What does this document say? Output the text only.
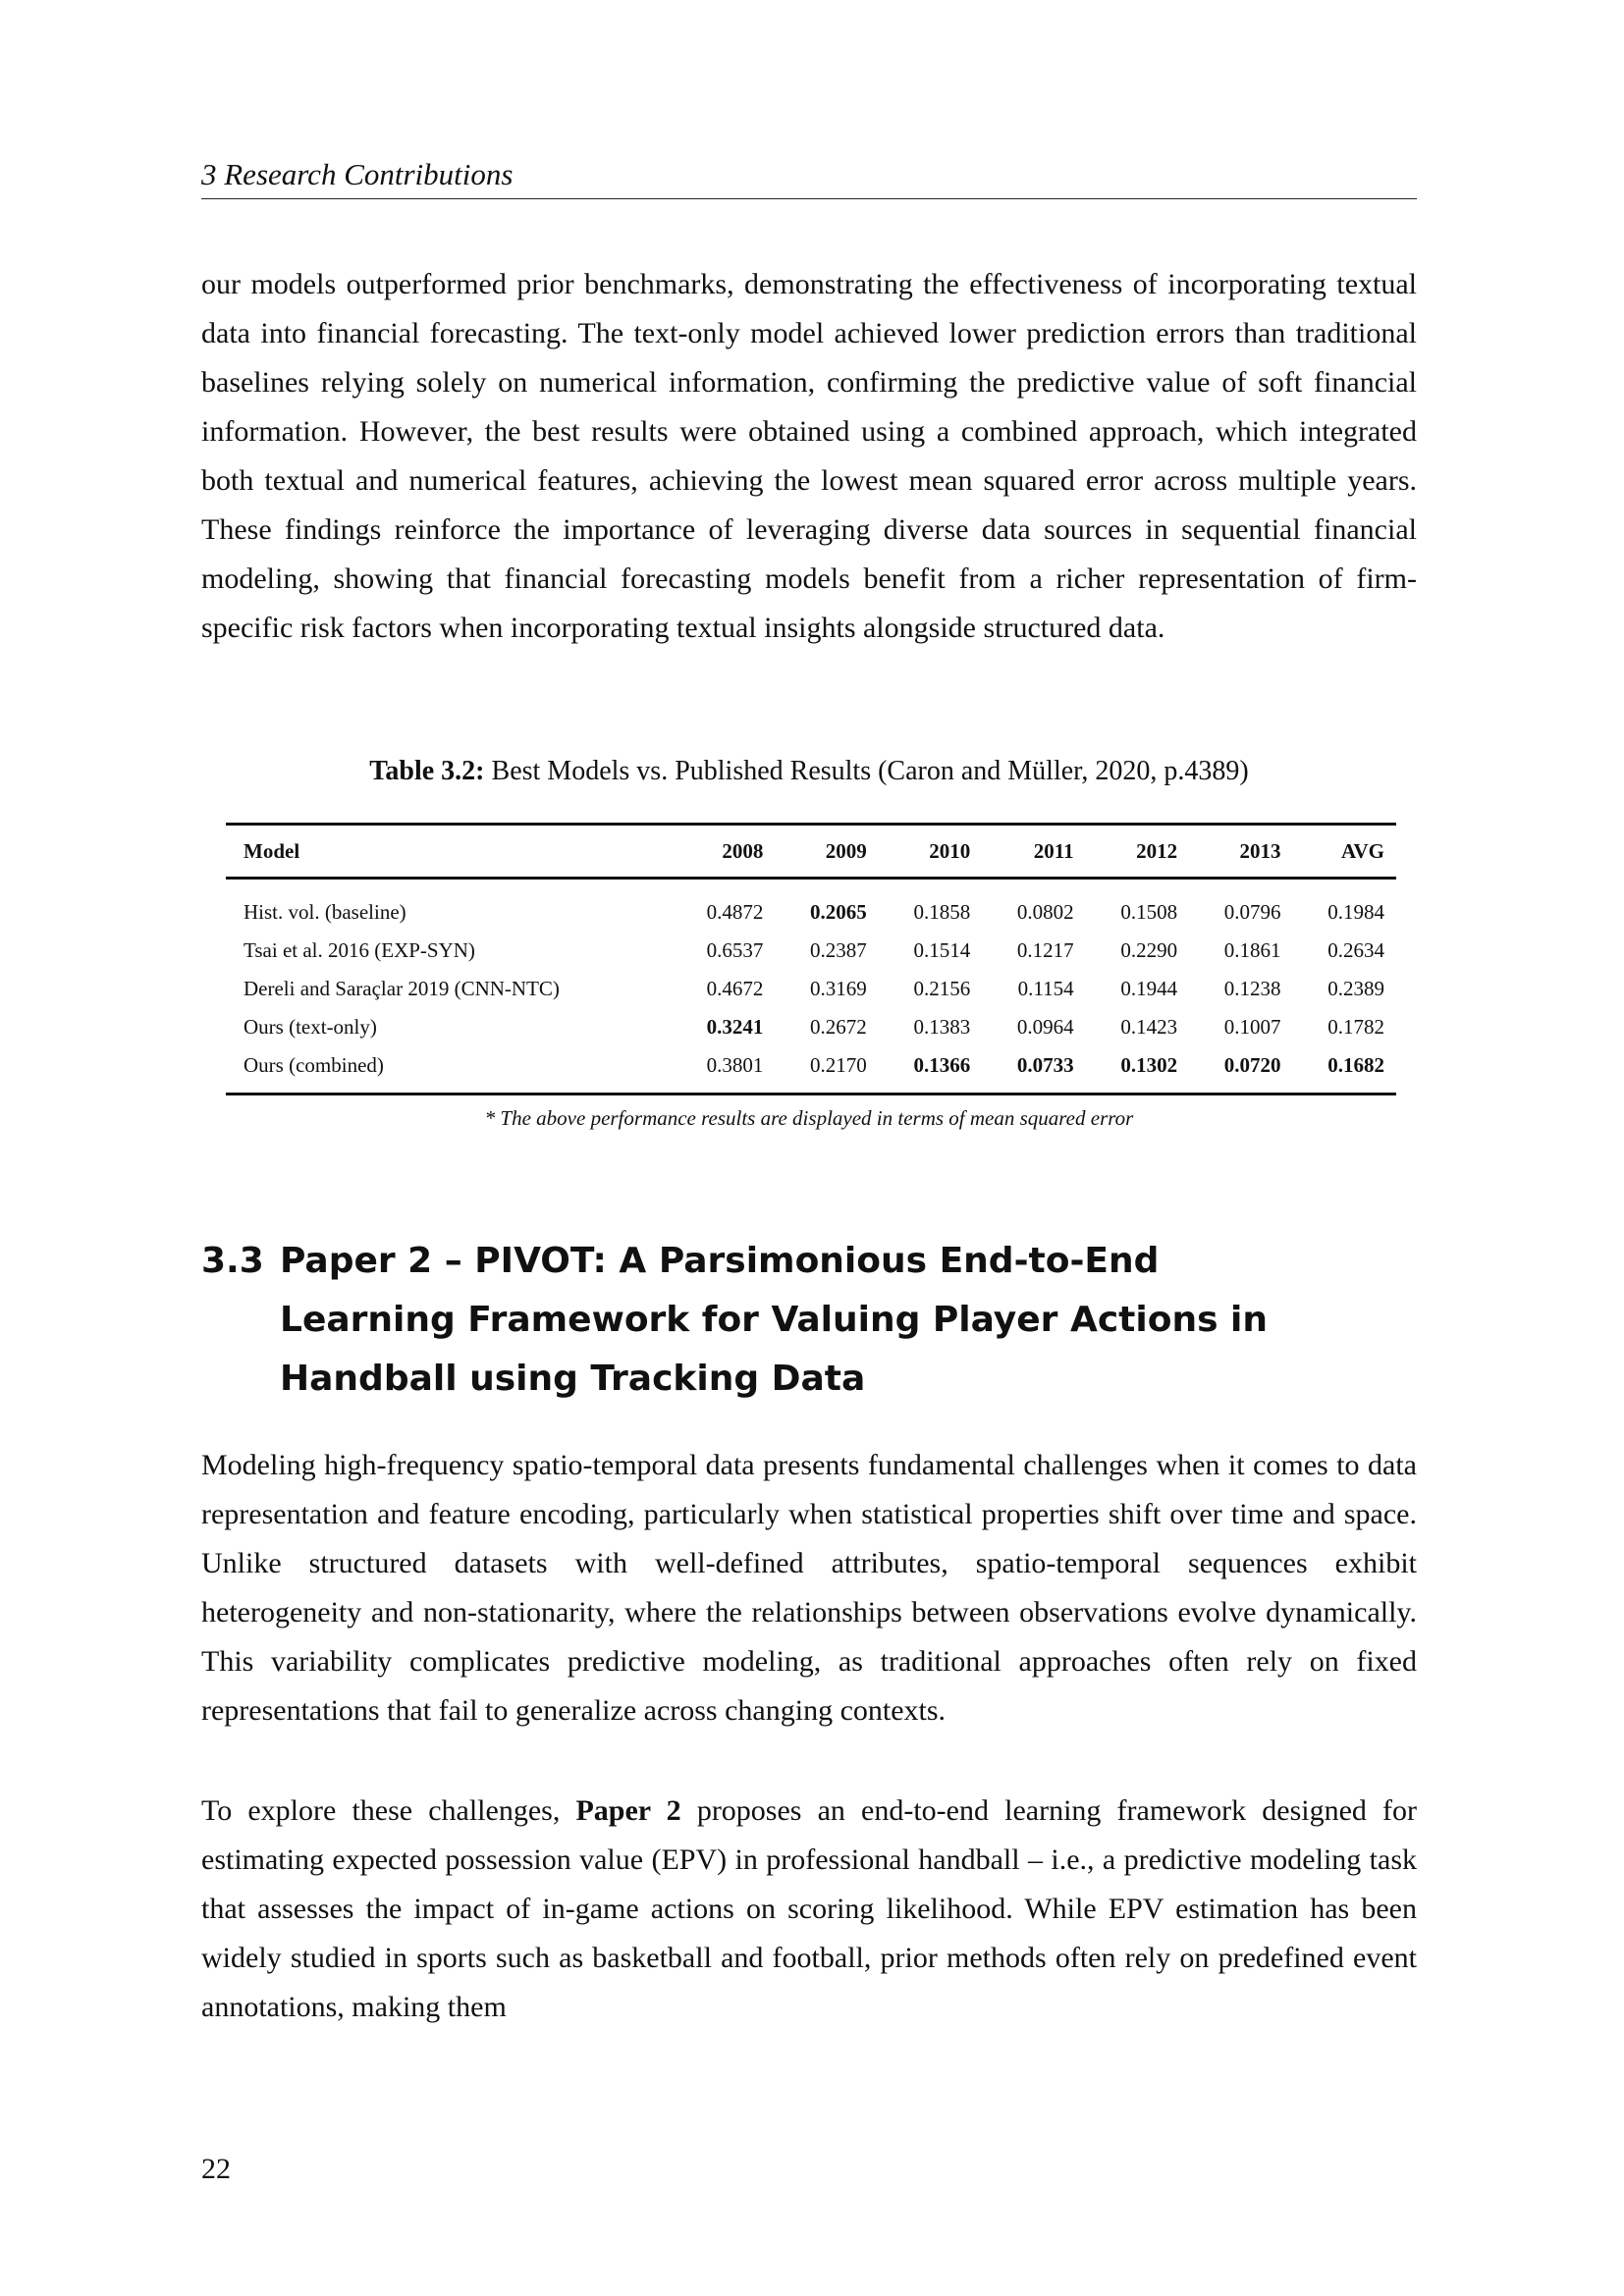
3 Research Contributions

our models outperformed prior benchmarks, demonstrating the effectiveness of incorporating textual data into financial forecasting. The text-only model achieved lower prediction errors than traditional baselines relying solely on numerical information, confirming the predictive value of soft financial information. However, the best results were obtained using a combined approach, which integrated both textual and numerical features, achieving the lowest mean squared error across multiple years. These findings reinforce the importance of leveraging diverse data sources in sequential financial modeling, showing that financial forecasting models benefit from a richer representation of firm-specific risk factors when incorporating textual insights alongside structured data.

Table 3.2: Best Models vs. Published Results (Caron and Müller, 2020, p.4389)
Model	2008	2009	2010	2011	2012	2013	AVG
Hist. vol. (baseline)	0.4872	0.2065	0.1858	0.0802	0.1508	0.0796	0.1984
Tsai et al. 2016 (EXP-SYN)	0.6537	0.2387	0.1514	0.1217	0.2290	0.1861	0.2634
Dereli and Saraçlar 2019 (CNN-NTC)	0.4672	0.3169	0.2156	0.1154	0.1944	0.1238	0.2389
Ours (text-only)	0.3241	0.2672	0.1383	0.0964	0.1423	0.1007	0.1782
Ours (combined)	0.3801	0.2170	0.1366	0.0733	0.1302	0.0720	0.1682
* The above performance results are displayed in terms of mean squared error
3.3 Paper 2 – PIVOT: A Parsimonious End-to-End Learning Framework for Valuing Player Actions in Handball using Tracking Data

Modeling high-frequency spatio-temporal data presents fundamental challenges when it comes to data representation and feature encoding, particularly when statistical properties shift over time and space. Unlike structured datasets with well-defined attributes, spatio-temporal sequences exhibit heterogeneity and non-stationarity, where the relationships between observations evolve dynamically. This variability complicates predictive modeling, as traditional approaches often rely on fixed representations that fail to generalize across changing contexts.

To explore these challenges, Paper 2 proposes an end-to-end learning framework designed for estimating expected possession value (EPV) in professional handball – i.e., a predictive modeling task that assesses the impact of in-game actions on scoring likelihood. While EPV estimation has been widely studied in sports such as basketball and football, prior methods often rely on predefined event annotations, making them

22
